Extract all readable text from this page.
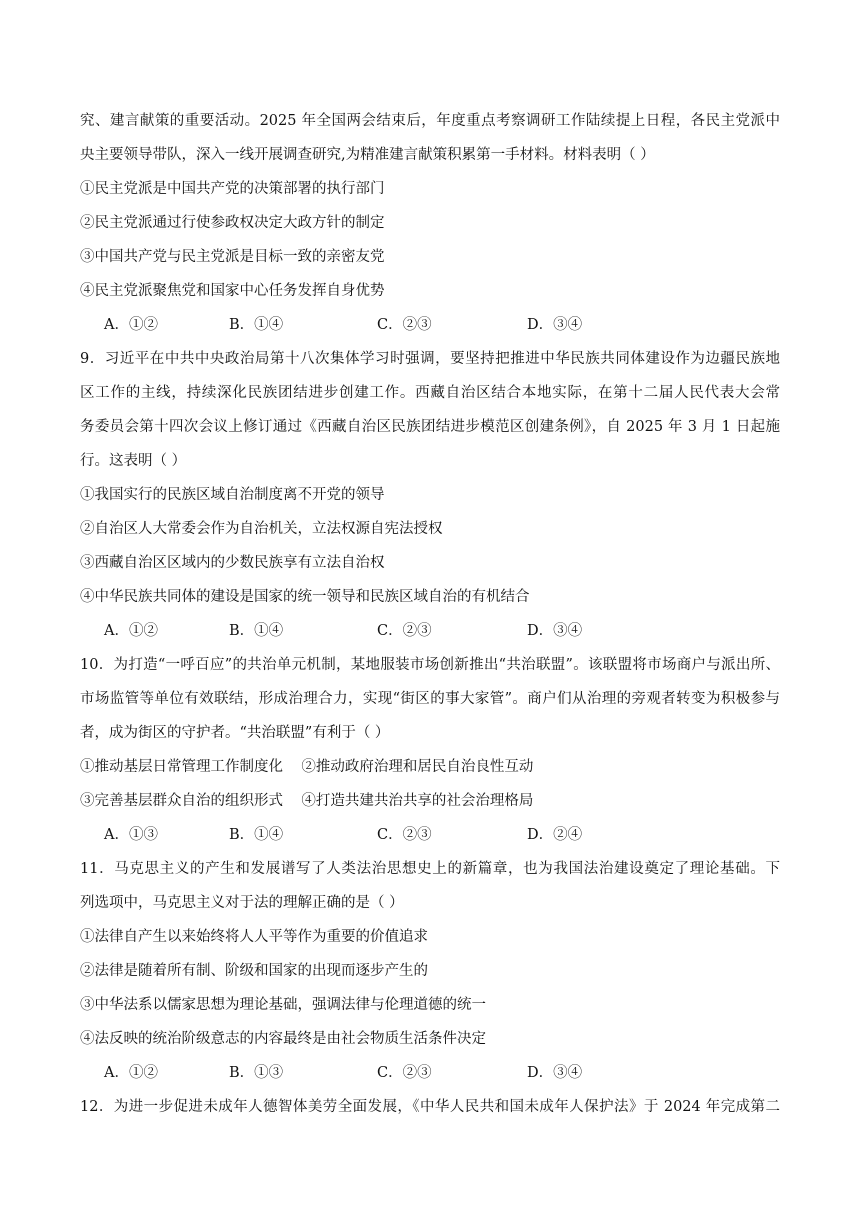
究、建言献策的重要活动。2025 年全国两会结束后，年度重点考察调研工作陆续提上日程，各民主党派中
央主要领导带队，深入一线开展调查研究,为精准建言献策积累第一手材料。材料表明（ ）
①民主党派是中国共产党的决策部署的执行部门
②民主党派通过行使参政权决定大政方针的制定
③中国共产党与民主党派是目标一致的亲密友党
④民主党派聚焦党和国家中心任务发挥自身优势
A．①②	B．①④	C．②③	D．③④
9．习近平在中共中央政治局第十八次集体学习时强调，要坚持把推进中华民族共同体建设作为边疆民族地
区工作的主线，持续深化民族团结进步创建工作。西藏自治区结合本地实际，在第十二届人民代表大会常
务委员会第十四次会议上修订通过《西藏自治区民族团结进步模范区创建条例》，自 2025 年 3 月 1 日起施
行。这表明（ ）
①我国实行的民族区域自治制度离不开党的领导
②自治区人大常委会作为自治机关，立法权源自宪法授权
③西藏自治区区域内的少数民族享有立法自治权
④中华民族共同体的建设是国家的统一领导和民族区域自治的有机结合
A．①②	B．①④	C．②③	D．③④
10．为打造“一呼百应”的共治单元机制，某地服装市场创新推出“共治联盟”。该联盟将市场商户与派出所、
市场监管等单位有效联结，形成治理合力，实现“街区的事大家管”。商户们从治理的旁观者转变为积极参与
者，成为街区的守护者。“共治联盟”有利于（ ）
①推动基层日常管理工作制度化    ②推动政府治理和居民自治良性互动
③完善基层群众自治的组织形式    ④打造共建共治共享的社会治理格局
A．①③	B．①④	C．②③	D．②④
11．马克思主义的产生和发展谱写了人类法治思想史上的新篇章，也为我国法治建设奠定了理论基础。下
列选项中，马克思主义对于法的理解正确的是（ ）
①法律自产生以来始终将人人平等作为重要的价值追求
②法律是随着所有制、阶级和国家的出现而逐步产生的
③中华法系以儒家思想为理论基础，强调法律与伦理道德的统一
④法反映的统治阶级意志的内容最终是由社会物质生活条件决定
A．①②	B．①③	C．②③	D．③④
12．为进一步促进未成年人德智体美劳全面发展，《中华人民共和国未成年人保护法》于 2024 年完成第二
